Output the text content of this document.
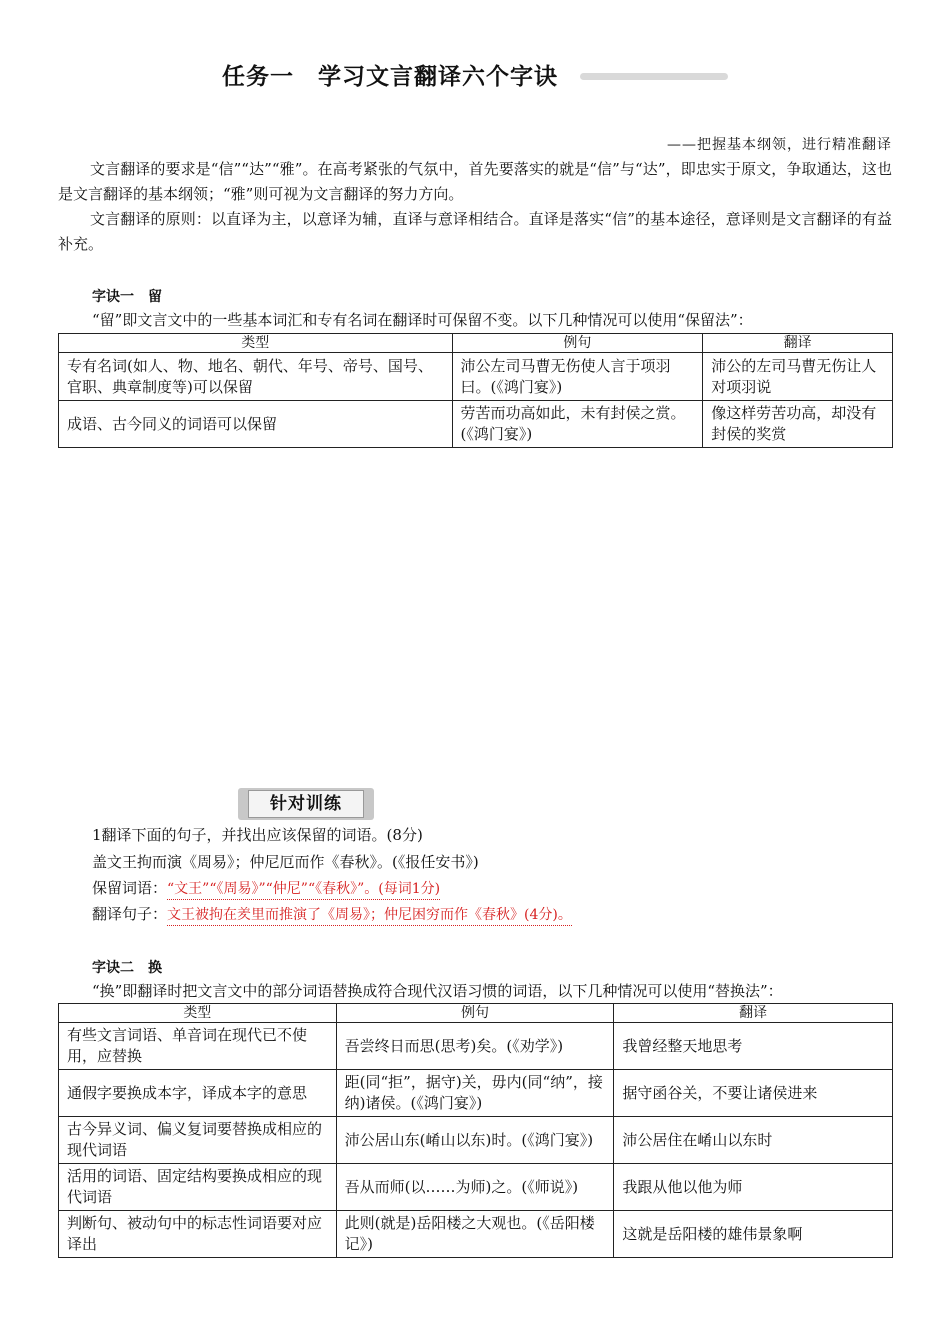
任务一　学习文言翻译六个字诀
——把握基本纲领，进行精准翻译

文言翻译的要求是“信”“达”“雅”。在高考紧张的气氛中，首先要落实的就是“信”与“达”，即忠实于原文，争取通达，这也是文言翻译的基本纲领；“雅”则可视为文言翻译的努力方向。

文言翻译的原则：以直译为主，以意译为辅，直译与意译相结合。直译是落实“信”的基本途径，意译则是文言翻译的有益补充。

字诀一　留
“留”即文言文中的一些基本词汇和专有名词在翻译时可保留不变。以下几种情况可以使用“保留法”：
类型	例句	翻译
专有名词(如人、物、地名、朝代、年号、帝号、国号、官职、典章制度等)可以保留	沛公左司马曹无伤使人言于项羽曰。(《鸿门宴》)	沛公的左司马曹无伤让人对项羽说
成语、古今同义的词语可以保留	劳苦而功高如此，未有封侯之赏。(《鸿门宴》)	像这样劳苦功高，却没有封侯的奖赏
针对训练
1翻译下面的句子，并找出应该保留的词语。(8分)
盖文王拘而演《周易》；仲尼厄而作《春秋》。(《报任安书》)
保留词语：“文王”“《周易》”“仲尼”“《春秋》”。(每词1分)
翻译句子：文王被拘在羑里而推演了《周易》；仲尼困穷而作《春秋》(4分)。
字诀二　换
“换”即翻译时把文言文中的部分词语替换成符合现代汉语习惯的词语，以下几种情况可以使用“替换法”：
类型	例句	翻译
有些文言词语、单音词在现代已不使用，应替换	吾尝终日而思(思考)矣。(《劝学》)	我曾经整天地思考
通假字要换成本字，译成本字的意思	距(同“拒”，据守)关，毋内(同“纳”，接纳)诸侯。(《鸿门宴》)	据守函谷关，不要让诸侯进来
古今异义词、偏义复词要替换成相应的现代词语	沛公居山东(崤山以东)时。(《鸿门宴》)	沛公居住在崤山以东时
活用的词语、固定结构要换成相应的现代词语	吾从而师(以……为师)之。(《师说》)	我跟从他以他为师
判断句、被动句中的标志性词语要对应译出	此则(就是)岳阳楼之大观也。(《岳阳楼记》)	这就是岳阳楼的雄伟景象啊
